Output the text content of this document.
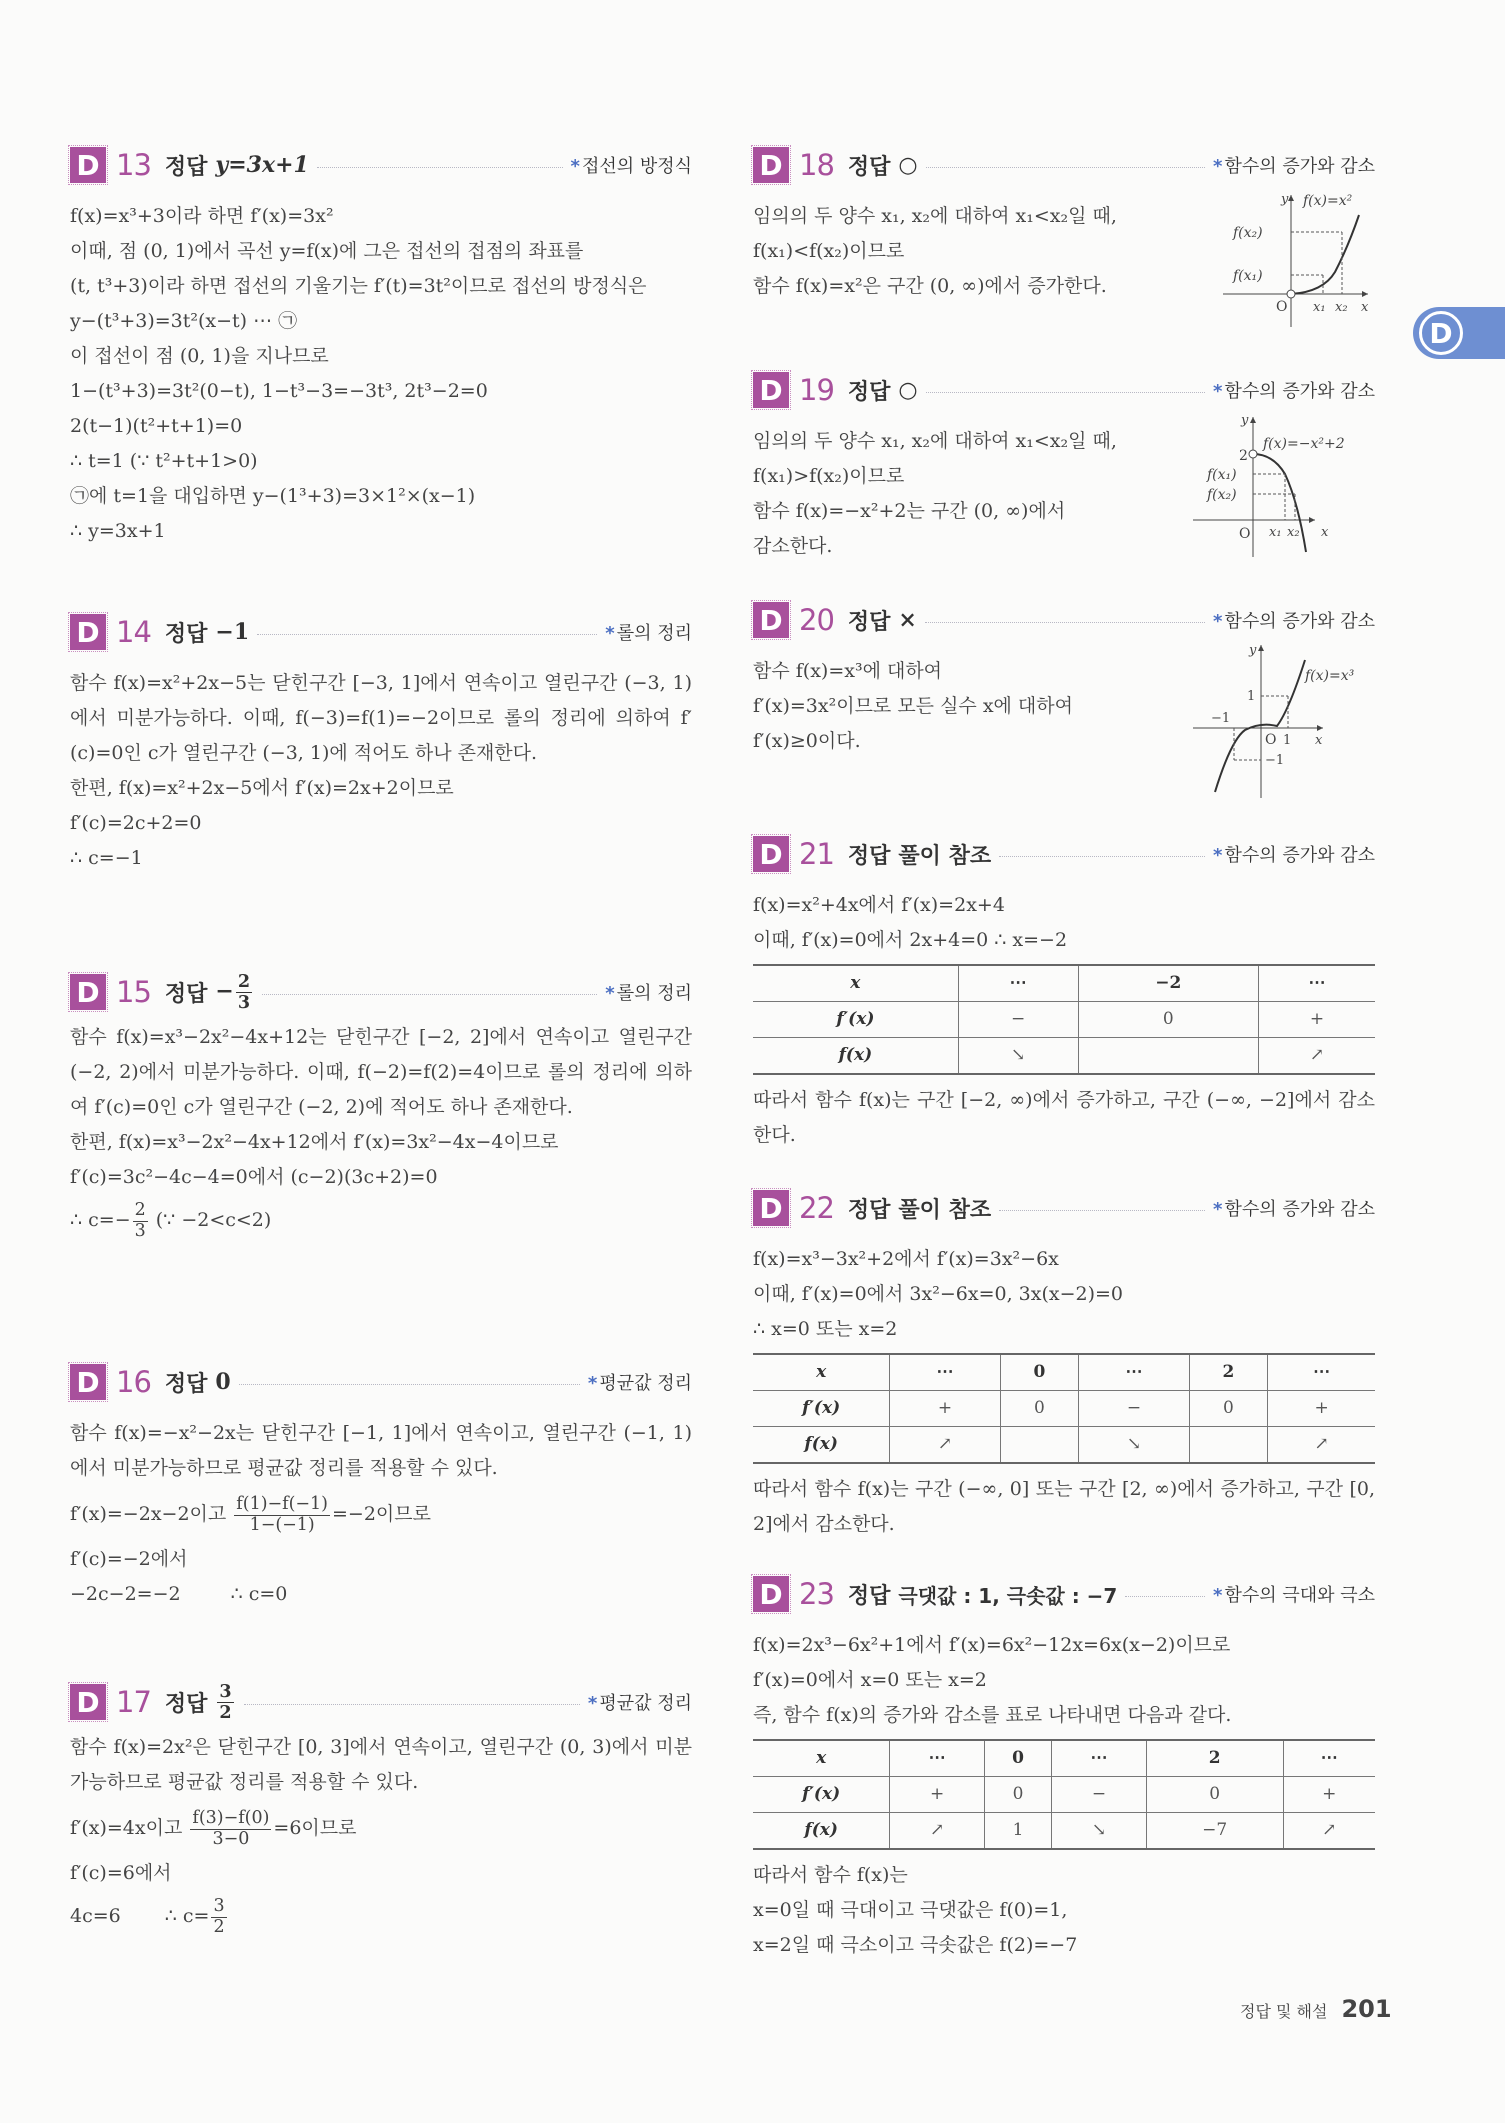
D 13 정답 y=3x+1	* 접선의 방정식
f(x)=x³+3이라 하면 f′(x)=3x²
이때, 점 (0, 1)에서 곡선 y=f(x)에 그은 접선의 접점의 좌표를
(t, t³+3)이라 하면 접선의 기울기는 f′(t)=3t²이므로 접선의 방정식은
y−(t³+3)=3t²(x−t) ⋯ ㉠
이 접선이 점 (0, 1)을 지나므로
1−(t³+3)=3t²(0−t), 1−t³−3=−3t³, 2t³−2=0
2(t−1)(t²+t+1)=0
∴ t=1 (∵ t²+t+1>0)
㉠에 t=1을 대입하면 y−(1³+3)=3×1²×(x−1)
∴ y=3x+1
D 14 정답 −1	* 롤의 정리
함수 f(x)=x²+2x−5는 닫힌구간 [−3, 1]에서 연속이고 열린구간 (−3, 1)에서 미분가능하다. 이때, f(−3)=f(1)=−2이므로 롤의 정리에 의하여 f′(c)=0인 c가 열린구간 (−3, 1)에 적어도 하나 존재한다.
한편, f(x)=x²+2x−5에서 f′(x)=2x+2이므로
f′(c)=2c+2=0
∴ c=−1
D 15 정답 − $\frac{2}{3}$	* 롤의 정리
함수 f(x)=x³−2x²−4x+12는 닫힌구간 [−2, 2]에서 연속이고 열린구간 (−2, 2)에서 미분가능하다. 이때, f(−2)=f(2)=4이므로 롤의 정리에 의하여 f′(c)=0인 c가 열린구간 (−2, 2)에 적어도 하나 존재한다.
한편, f(x)=x³−2x²−4x+12에서 f′(x)=3x²−4x−4이므로
f′(c)=3c²−4c−4=0에서 (c−2)(3c+2)=0
∴ $c=- \frac{2}{3}$ (∵ −2<c<2)
D 16 정답 0	* 평균값 정리
함수 f(x)=−x²−2x는 닫힌구간 [−1, 1]에서 연속이고, 열린구간 (−1, 1)에서 미분가능하므로 평균값 정리를 적용할 수 있다.
f′(x)=−2x−2이고 $\frac{f(1)-f(-1)}{1-(-1)} =-2$이므로
f′(c)=−2에서
−2c−2=−2	∴ c=0
D 17 정답 $\frac{3}{2}$	* 평균값 정리
함수 f(x)=2x²은 닫힌구간 [0, 3]에서 연속이고, 열린구간 (0, 3)에서 미분가능하므로 평균값 정리를 적용할 수 있다.
f′(x)=4x이고 $\frac{f(3)-f(0)}{3-0} =6$이므로
f′(c)=6에서
4c=6 ∴ $c= \frac{3}{2}$
D 18 정답 ○	* 함수의 증가와 감소
임의의 두 양수 x₁, x₂에 대하여 x₁<x₂일 때,
f(x₁)<f(x₂)이므로
함수 f(x)=x²은 구간 (0, ∞)에서 증가한다.
y f(x)=x²
f(x₂)
f(x₁)
O x₁ x₂ x
D 19 정답 ○	* 함수의 증가와 감소
임의의 두 양수 x₁, x₂에 대하여 x₁<x₂일 때,
f(x₁)>f(x₂)이므로
함수 f(x)=−x²+2는 구간 (0, ∞)에서
감소한다.
y
f(x)=−x²+2
2
f(x₁)
f(x₂)
O x₁ x₂ x
D 20 정답 ×	* 함수의 증가와 감소
함수 f(x)=x³에 대하여
f′(x)=3x²이므로 모든 실수 x에 대하여
f′(x)≥0이다.
y
f(x)=x³
1
−1
O 1
−1
x
D 21 정답 풀이 참조	* 함수의 증가와 감소
f(x)=x²+4x에서 f′(x)=2x+4
이때, f′(x)=0에서 2x+4=0 ∴ x=−2
x	⋯	−2	⋯
f′(x)	−	0	+
f(x)	↘		↗
따라서 함수 f(x)는 구간 [−2, ∞)에서 증가하고, 구간 (−∞, −2]에서 감소한다.
D 22 정답 풀이 참조	* 함수의 증가와 감소
f(x)=x³−3x²+2에서 f′(x)=3x²−6x
이때, f′(x)=0에서 3x²−6x=0, 3x(x−2)=0
∴ x=0 또는 x=2
x	⋯	0	⋯	2	⋯
f′(x)	+	0	−	0	+
f(x)	↗		↘		↗
따라서 함수 f(x)는 구간 (−∞, 0] 또는 구간 [2, ∞)에서 증가하고, 구간 [0, 2]에서 감소한다.
D 23 정답 극댓값 : 1, 극솟값 : −7	* 함수의 극대와 극소
f(x)=2x³−6x²+1에서 f′(x)=6x²−12x=6x(x−2)이므로
f′(x)=0에서 x=0 또는 x=2
즉, 함수 f(x)의 증가와 감소를 표로 나타내면 다음과 같다.
x	⋯	0	⋯	2	⋯
f′(x)	+	0	−	0	+
f(x)	↗	1	↘	−7	↗
따라서 함수 f(x)는
x=0일 때 극대이고 극댓값은 f(0)=1,
x=2일 때 극소이고 극솟값은 f(2)=−7
D
정답 및 해설 201
